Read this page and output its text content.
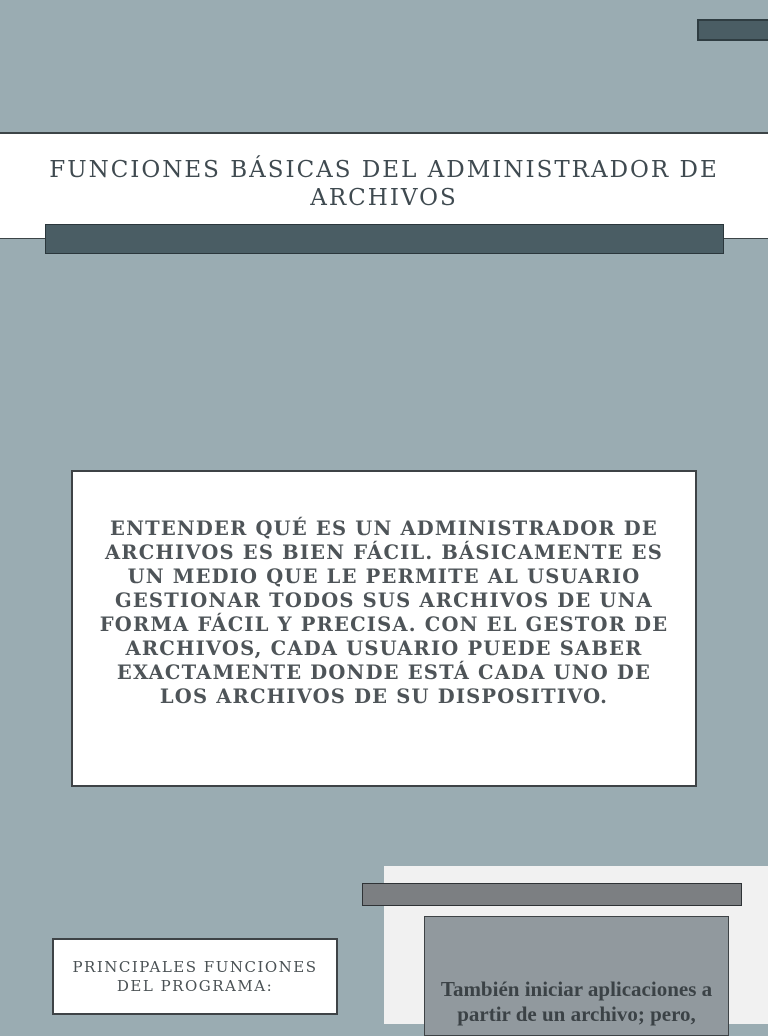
FUNCIONES BÁSICAS DEL ADMINISTRADOR DE ARCHIVOS

ENTENDER QUÉ ES UN ADMINISTRADOR DE ARCHIVOS ES BIEN FÁCIL. BÁSICAMENTE ES UN MEDIO QUE LE PERMITE AL USUARIO GESTIONAR TODOS SUS ARCHIVOS DE UNA FORMA FÁCIL Y PRECISA. CON EL GESTOR DE ARCHIVOS, CADA USUARIO PUEDE SABER EXACTAMENTE DONDE ESTÁ CADA UNO DE LOS ARCHIVOS DE SU DISPOSITIVO.

También iniciar aplicaciones a partir de un archivo; pero,

PRINCIPALES FUNCIONES DEL PROGRAMA:
